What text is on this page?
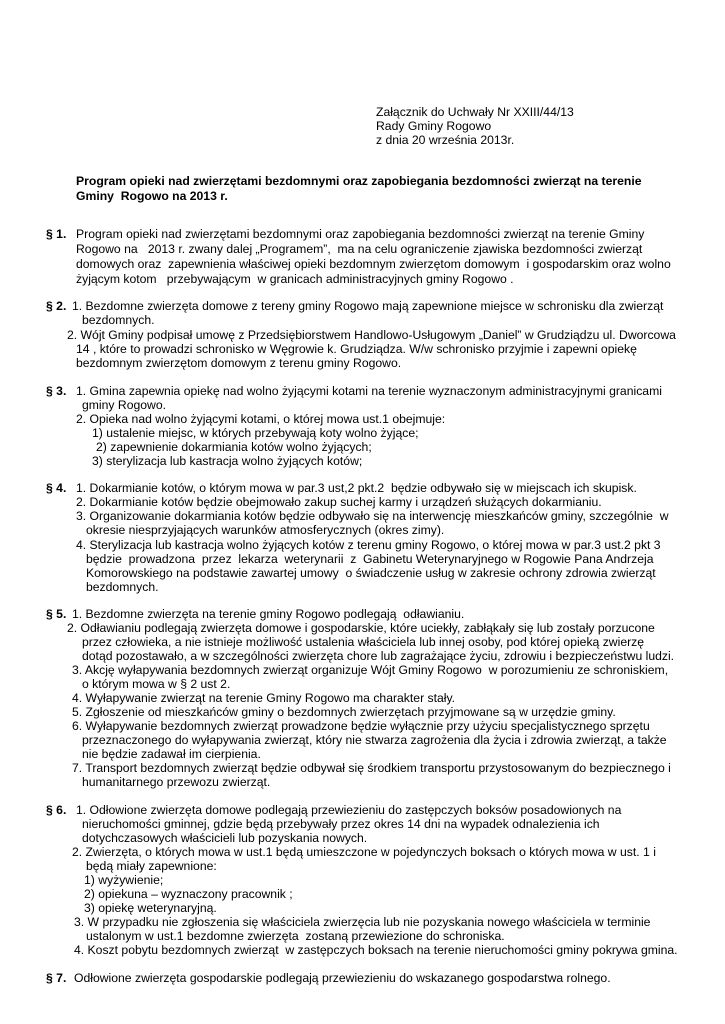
Załącznik do Uchwały Nr XXIII/44/13
Rady Gminy Rogowo
z dnia 20 września 2013r.
Program opieki nad zwierzętami bezdomnymi oraz zapobiegania bezdomności zwierząt na terenie
Gminy  Rogowo na 2013 r.
§ 1. Program opieki nad zwierzętami bezdomnymi oraz zapobiegania bezdomności zwierząt na terenie Gminy
Rogowo na   2013 r. zwany dalej „Programem”,  ma na celu ograniczenie zjawiska bezdomności zwierząt
domowych oraz  zapewnienia właściwej opieki bezdomnym zwierzętom domowym  i gospodarskim oraz wolno
żyjącym kotom   przebywającym  w granicach administracyjnych gminy Rogowo .
§ 2. 1. Bezdomne zwierzęta domowe z tereny gminy Rogowo mają zapewnione miejsce w schronisku dla zwierząt
bezdomnych.
2. Wójt Gminy podpisał umowę z Przedsiębiorstwem Handlowo-Usługowym „Daniel” w Grudziądzu ul. Dworcowa
14 , które to prowadzi schronisko w Węgrowie k. Grudziądza. W/w schronisko przyjmie i zapewni opiekę
bezdomnym zwierzętom domowym z terenu gminy Rogowo.
§ 3. 1. Gmina zapewnia opiekę nad wolno żyjącymi kotami na terenie wyznaczonym administracyjnymi granicami
gminy Rogowo.
2. Opieka nad wolno żyjącymi kotami, o której mowa ust.1 obejmuje:
1) ustalenie miejsc, w których przebywają koty wolno żyjące;
2) zapewnienie dokarmiania kotów wolno żyjących;
3) sterylizacja lub kastracja wolno żyjących kotów;
§ 4. 1. Dokarmianie kotów, o którym mowa w par.3 ust,2 pkt.2  będzie odbywało się w miejscach ich skupisk.
2. Dokarmianie kotów będzie obejmowało zakup suchej karmy i urządzeń służących dokarmianiu.
3. Organizowanie dokarmiania kotów będzie odbywało się na interwencję mieszkańców gminy, szczególnie  w
okresie niesprzyjających warunków atmosferycznych (okres zimy).
4. Sterylizacja lub kastracja wolno żyjących kotów z terenu gminy Rogowo, o której mowa w par.3 ust.2 pkt 3
będzie  prowadzona  przez  lekarza  weterynarii  z  Gabinetu Weterynaryjnego w Rogowie Pana Andrzeja
Komorowskiego na podstawie zawartej umowy  o świadczenie usług w zakresie ochrony zdrowia zwierząt
bezdomnych.
§ 5. 1. Bezdomne zwierzęta na terenie gminy Rogowo podlegają  odławianiu.
2. Odławianiu podlegają zwierzęta domowe i gospodarskie, które uciekły, zabłąkały się lub zostały porzucone
przez człowieka, a nie istnieje możliwość ustalenia właściciela lub innej osoby, pod której opieką zwierzę
dotąd pozostawało, a w szczególności zwierzęta chore lub zagrażające życiu, zdrowiu i bezpieczeństwu ludzi.
3. Akcję wyłapywania bezdomnych zwierząt organizuje Wójt Gminy Rogowo  w porozumieniu ze schroniskiem,
o którym mowa w § 2 ust 2.
4. Wyłapywanie zwierząt na terenie Gminy Rogowo ma charakter stały.
5. Zgłoszenie od mieszkańców gminy o bezdomnych zwierzętach przyjmowane są w urzędzie gminy.
6. Wyłapywanie bezdomnych zwierząt prowadzone będzie wyłącznie przy użyciu specjalistycznego sprzętu
przeznaczonego do wyłapywania zwierząt, który nie stwarza zagrożenia dla życia i zdrowia zwierząt, a także
nie będzie zadawał im cierpienia.
7. Transport bezdomnych zwierząt będzie odbywał się środkiem transportu przystosowanym do bezpiecznego i
humanitarnego przewozu zwierząt.
§ 6. 1. Odłowione zwierzęta domowe podlegają przewiezieniu do zastępczych boksów posadowionych na
nieruchomości gminnej, gdzie będą przebywały przez okres 14 dni na wypadek odnalezienia ich
dotychczasowych właścicieli lub pozyskania nowych.
2. Zwierzęta, o których mowa w ust.1 będą umieszczone w pojedynczych boksach o których mowa w ust. 1 i
będą miały zapewnione:
1) wyżywienie;
2) opiekuna – wyznaczony pracownik ;
3) opiekę weterynaryjną.
3. W przypadku nie zgłoszenia się właściciela zwierzęcia lub nie pozyskania nowego właściciela w terminie
ustalonym w ust.1 bezdomne zwierzęta  zostaną przewiezione do schroniska.
4. Koszt pobytu bezdomnych zwierząt  w zastępczych boksach na terenie nieruchomości gminy pokrywa gmina.
§ 7. Odłowione zwierzęta gospodarskie podlegają przewiezieniu do wskazanego gospodarstwa rolnego.
